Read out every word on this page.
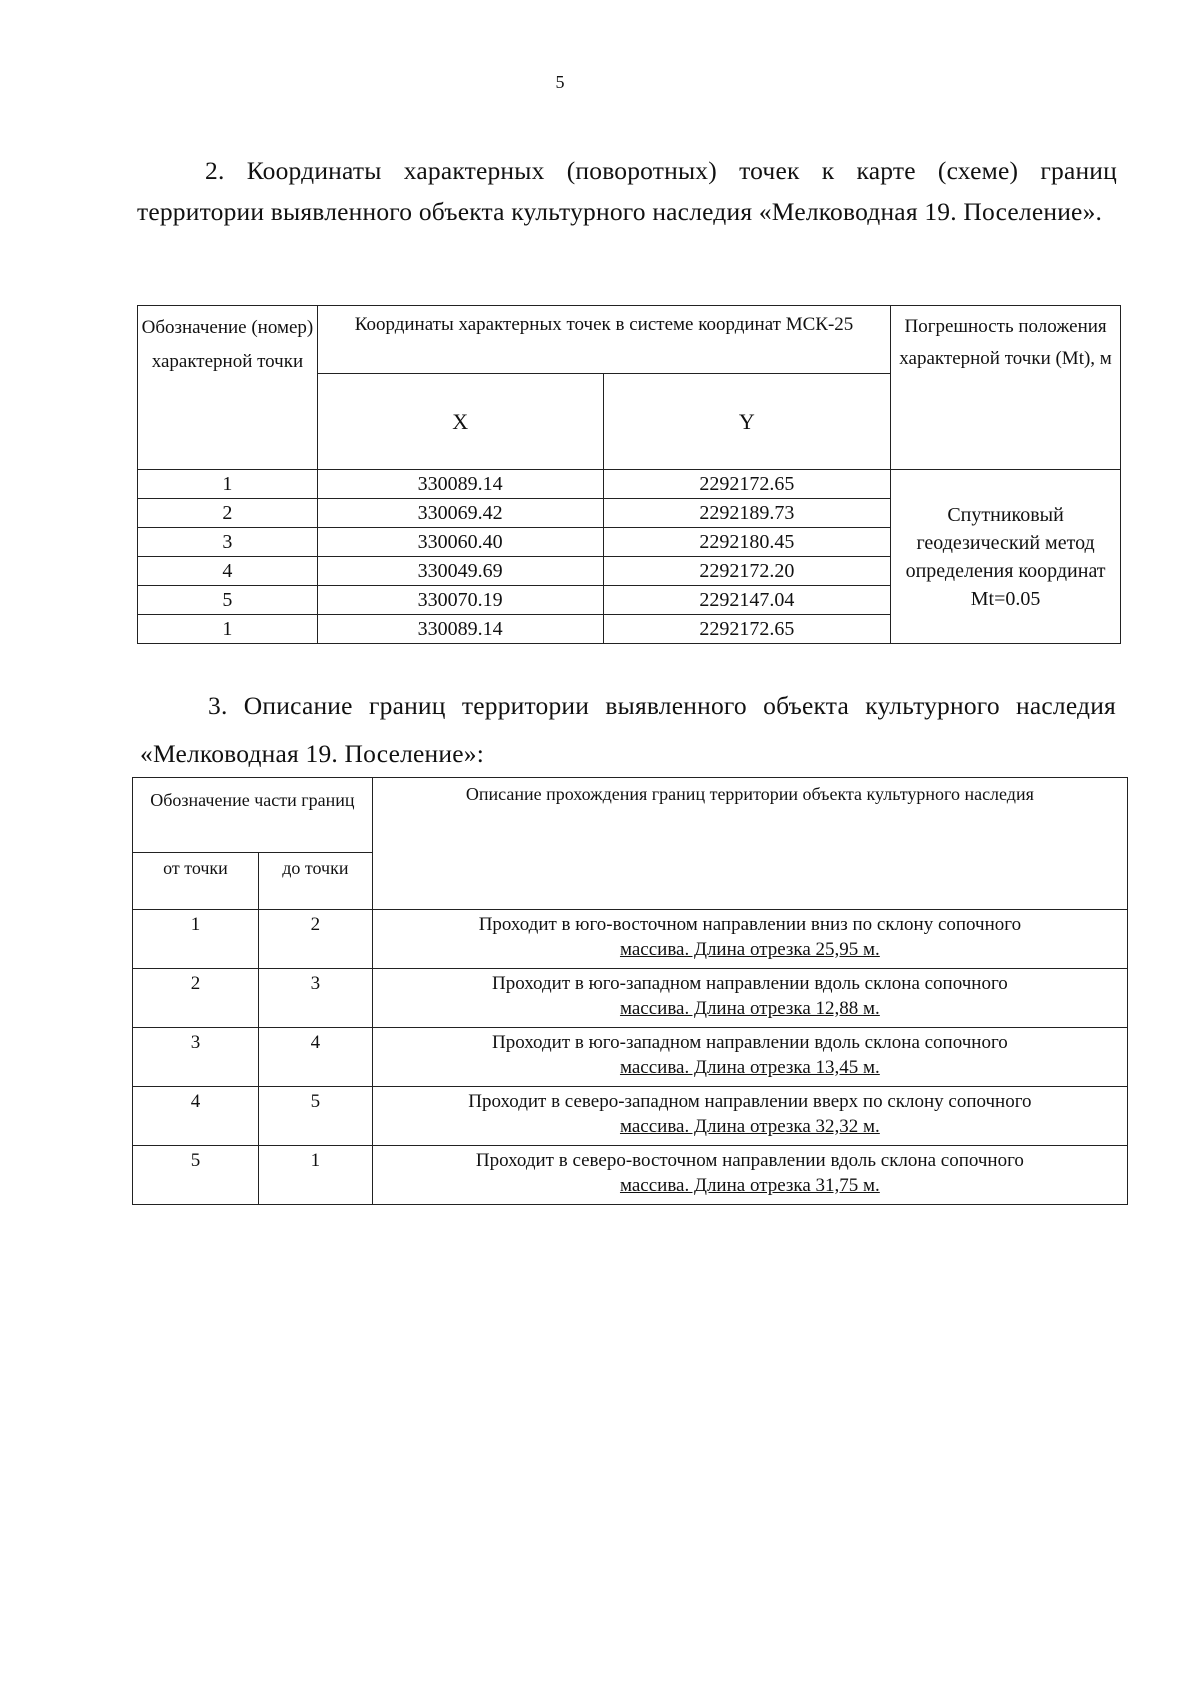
5

2. Координаты характерных (поворотных) точек к карте (схеме) границ территории выявленного объекта культурного наследия «Мелководная 19. Поселение».

Обозначение (номер) характерной точки	Координаты характерных точек в системе координат МСК-25		Погрешность положения характерной точки (Mt), м
	X	Y	
1	330089.14	2292172.65	Спутниковый геодезический метод определения координат Mt=0.05
2	330069.42	2292189.73	
3	330060.40	2292180.45	
4	330049.69	2292172.20	
5	330070.19	2292147.04	
1	330089.14	2292172.65	

3. Описание границ территории выявленного объекта культурного наследия «Мелководная 19. Поселение»:

Обозначение части границ		Описание прохождения границ территории объекта культурного наследия
от точки	до точки	
1	2	Проходит в юго-восточном направлении вниз по склону сопочного
массива. Длина отрезка 25,95 м.
2	3	Проходит в юго-западном направлении вдоль склона сопочного
массива. Длина отрезка 12,88 м.
3	4	Проходит в юго-западном направлении вдоль склона сопочного
массива. Длина отрезка 13,45 м.
4	5	Проходит в северо-западном направлении вверх по склону сопочного
массива. Длина отрезка 32,32 м.
5	1	Проходит в северо-восточном направлении вдоль склона сопочного
массива. Длина отрезка 31,75 м.
